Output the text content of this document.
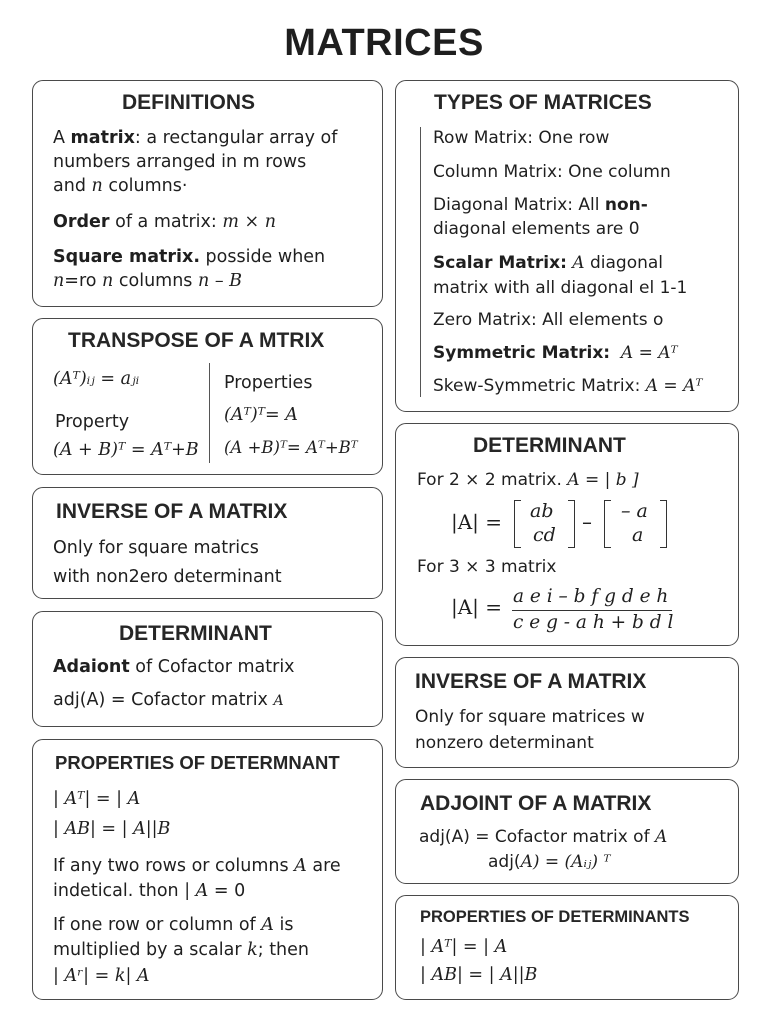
MATRICES
DEFINITIONS
A matrix: a rectangular array of
numbers arranged in m rows
and n columns·
Order of a matrix: m × n
Square matrix. posside when
n=ro n columns n – B
TRANSPOSE OF A MTRIX
(Aᵀ)ᵢⱼ = aⱼᵢ
Property
(A + B)ᵀ = Aᵀ+B
Properties
(Aᵀ)ᵀ= A
(A +B)ᵀ= Aᵀ+Bᵀ
INVERSE OF A MATRIX
Only for square matrics
with non2ero determinant
DETERMINANT
Adaiont of Cofactor matrix
adj(A) = Cofactor matrix A
PROPERTIES OF DETERMNANT
| Aᵀ| = | A
| AB| = | A||B
If any two rows or columns A are
indetical. thon | A = 0
If one row or column of A is
multiplied by a scalar k; then
| Aʳ| = k| A
TYPES OF MATRICES
Row Matrix: One row
Column Matrix: One column
Diagonal Matrix: All non-
diagonal elements are 0
Scalar Matrix: A diagonal
matrix with all diagonal el 1-1
Zero Matrix: All elements o
Symmetric Matrix: A = Aᵀ
Skew-Symmetric Matrix: A = Aᵀ
DETERMINANT
For 2 × 2 matrix. A = | b ]
|A| = ab
cd
– – a
a
For 3 × 3 matrix
|A| = a e i – b f g d e h
c e g - a h + b d l
INVERSE OF A MATRIX
Only for square matrices w
nonzero determinant
ADJOINT OF A MATRIX
adj(A) = Cofactor matrix of A
adj(A) = (Aᵢⱼ) ᵀ
PROPERTIES OF DETERMINANTS
| Aᵀ| = | A
| AB| = | A||B
